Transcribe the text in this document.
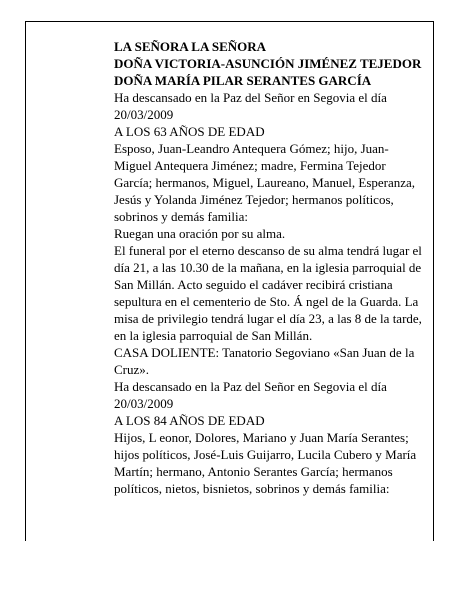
LA SEÑORA LA SEÑORA

DOÑA VICTORIA-ASUNCIÓN JIMÉNEZ TEJEDOR DOÑA MARÍA PILAR SERANTES GARCÍA

Ha descansado en la Paz del Señor en Segovia el día 20/03/2009

A LOS 63 AÑOS DE EDAD

Esposo, Juan-Leandro Antequera Gómez; hijo, Juan-Miguel Antequera Jiménez; madre, Fermina Tejedor García; hermanos, Miguel, Laureano, Manuel, Esperanza, Jesús y Yolanda Jiménez Tejedor; hermanos políticos, sobrinos y demás familia:

Ruegan una oración por su alma.

El funeral por el eterno descanso de su alma tendrá lugar el día 21, a las 10.30 de la mañana, en la iglesia parroquial de San Millán. Acto seguido el cadáver recibirá cristiana sepultura en el cementerio de Sto. Á ngel de la Guarda. La misa de privilegio tendrá lugar el día 23, a las 8 de la tarde, en la iglesia parroquial de San Millán.

CASA DOLIENTE: Tanatorio Segoviano «San Juan de la Cruz».

Ha descansado en la Paz del Señor en Segovia el día 20/03/2009

A LOS 84 AÑOS DE EDAD

Hijos, L eonor, Dolores, Mariano y Juan María Serantes; hijos políticos, José-Luis Guijarro, Lucila Cubero y María Martín; hermano, Antonio Serantes García; hermanos políticos, nietos, bisnietos, sobrinos y demás familia:
